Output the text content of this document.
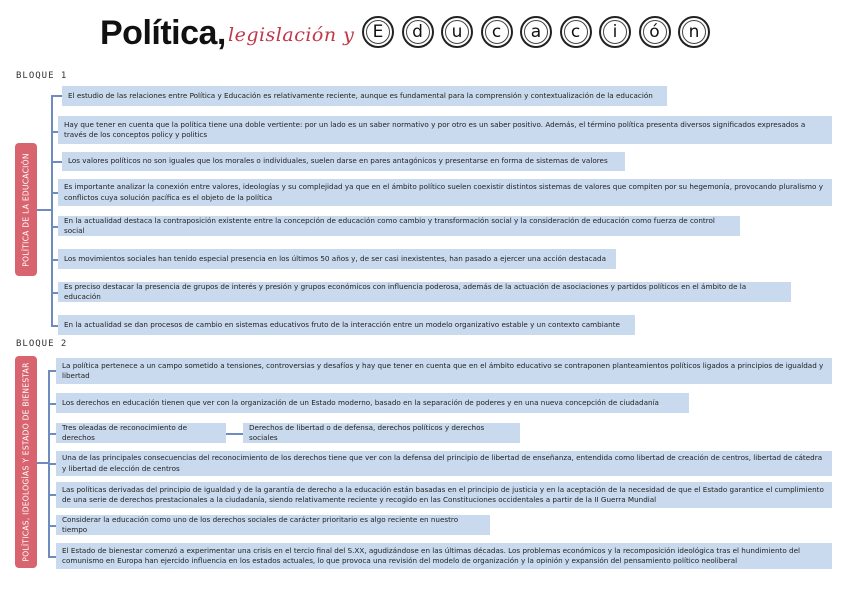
Política, legislación y	E	d	u	c	a	c	i	ó	n
BLOQUE 1
POLÍTICA DE LA EDUCACIÓN
El estudio de las relaciones entre Política y Educación es relativamente reciente, aunque es fundamental para la comprensión y contextualización de la educación
Hay que tener en cuenta que la política tiene una doble vertiente: por un lado es un saber normativo y por otro es un saber positivo. Además, el término política presenta diversos significados expresados a través de los conceptos policy y politics
Los valores políticos no son iguales que los morales o individuales, suelen darse en pares antagónicos y presentarse en forma de sistemas de valores
Es importante analizar la conexión entre valores, ideologías y su complejidad ya que en el ámbito político suelen coexistir distintos sistemas de valores que compiten por su hegemonía, provocando pluralismo y conflictos cuya solución pacífica es el objeto de la política
En la actualidad destaca la contraposición existente entre la concepción de educación como cambio y transformación social y la consideración de educación como fuerza de control social
Los movimientos sociales han tenido especial presencia en los últimos 50 años y, de ser casi inexistentes, han pasado a ejercer una acción destacada
Es preciso destacar la presencia de grupos de interés y presión y grupos económicos con influencia poderosa, además de la actuación de asociaciones y partidos políticos en el ámbito de la educación
En la actualidad se dan procesos de cambio en sistemas educativos fruto de la interacción entre un modelo organizativo estable y un contexto cambiante
BLOQUE 2
POLÍTICAS, IDEOLOGÍAS Y ESTADO DE BIENESTAR	La política pertenece a un campo sometido a tensiones, controversias y desafíos y hay que tener en cuenta que en el ámbito educativo se contraponen planteamientos políticos ligados a principios de igualdad y libertad
Los derechos en educación tienen que ver con la organización de un Estado moderno, basado en la separación de poderes y en una nueva concepción de ciudadanía
Tres oleadas de reconocimiento de derechos
Derechos de libertad o de defensa, derechos políticos y derechos sociales
Una de las principales consecuencias del reconocimiento de los derechos tiene que ver con la defensa del principio de libertad de enseñanza, entendida como libertad de creación de centros, libertad de cátedra y libertad de elección de centros
Las políticas derivadas del principio de igualdad y de la garantía de derecho a la educación están basadas en el principio de justicia y en la aceptación de la necesidad de que el Estado garantice el cumplimiento de una serie de derechos prestacionales a la ciudadanía, siendo relativamente reciente y recogido en las Constituciones occidentales a partir de la II Guerra Mundial
Considerar la educación como uno de los derechos sociales de carácter prioritario es algo reciente en nuestro tiempo
El Estado de bienestar comenzó a experimentar una crisis en el tercio final del S.XX, agudizándose en las últimas décadas. Los problemas económicos y la recomposición ideológica tras el hundimiento del comunismo en Europa han ejercido influencia en los estados actuales, lo que provoca una revisión del modelo de organización y la opinión y expansión del pensamiento político neoliberal
